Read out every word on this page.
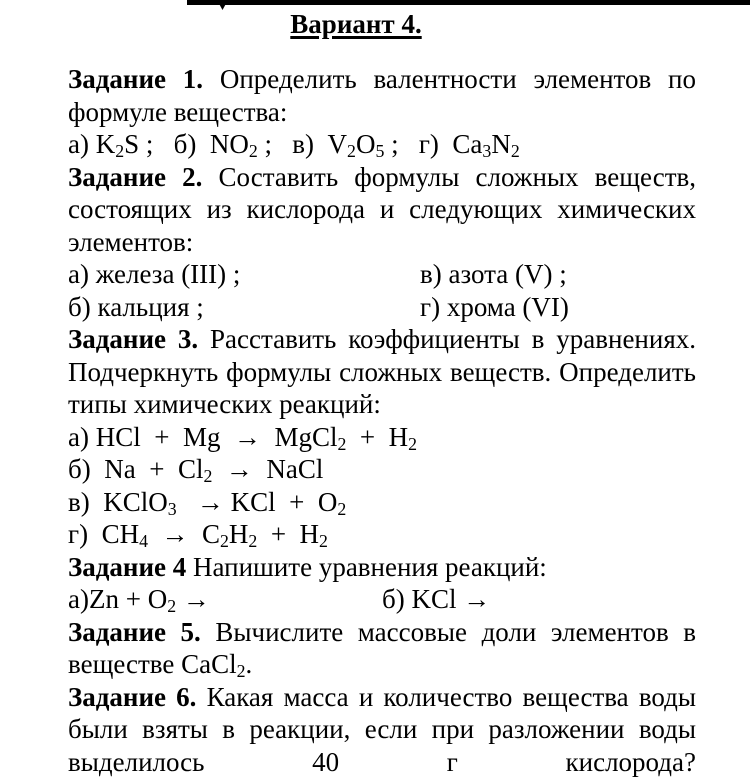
Вариант 4.
Задание 1. Определить валентности элементов по
формуле вещества:
а) $K_2S$ ;   б)  $NO_2$ ;   в)  $V_2O_5$ ;   г)  $Ca_3N_2$
Задание 2. Составить формулы сложных веществ,
состоящих из кислорода и следующих химических
элементов:
а) железа (III) ;	в) азота (V) ;
б) кальция ;	г) хрома (VI)
Задание 3. Расставить коэффициенты в уравнениях.
Подчеркнуть формулы сложных веществ. Определить
типы химических реакций:
а) HCl  +  Mg  →  MgCl$_2$  +  $H_2$
б)  $Na + Cl_2$  →  NaCl
в)  KClO$_3$   → KCl  +  $O_2$
г)  $CH_4 \to C_2H_2 + H_2$
Задание 4 Напишите уравнения реакций:
$а)Zn + O_2$ →	б) KCl →
Задание 5. Вычислите массовые доли элементов в
веществе CaCl$_2$.
Задание 6. Какая масса и количество вещества воды
были взяты в реакции, если при разложении воды
выделилось 40 г кислорода?
